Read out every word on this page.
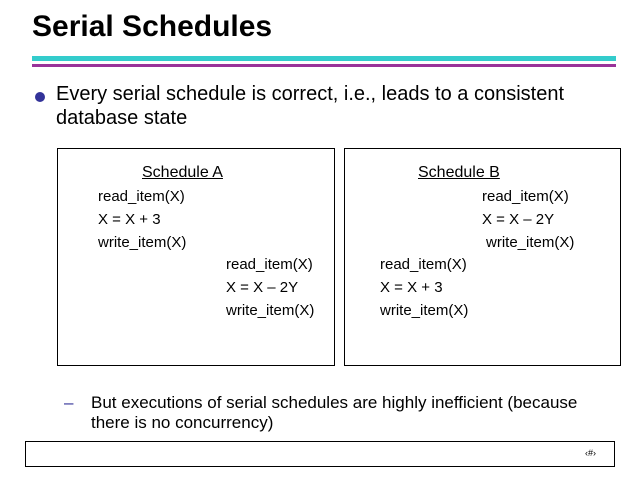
Serial Schedules
Every serial schedule is correct, i.e., leads to a consistent database state
Schedule A
read_item(X)
X = X + 3
write_item(X)
read_item(X)
X = X – 2Y
write_item(X)
Schedule B
read_item(X)
X = X – 2Y
write_item(X)
read_item(X)
X = X + 3
write_item(X)
– But executions of serial schedules are highly inefficient (because there is no concurrency)
‹#›
